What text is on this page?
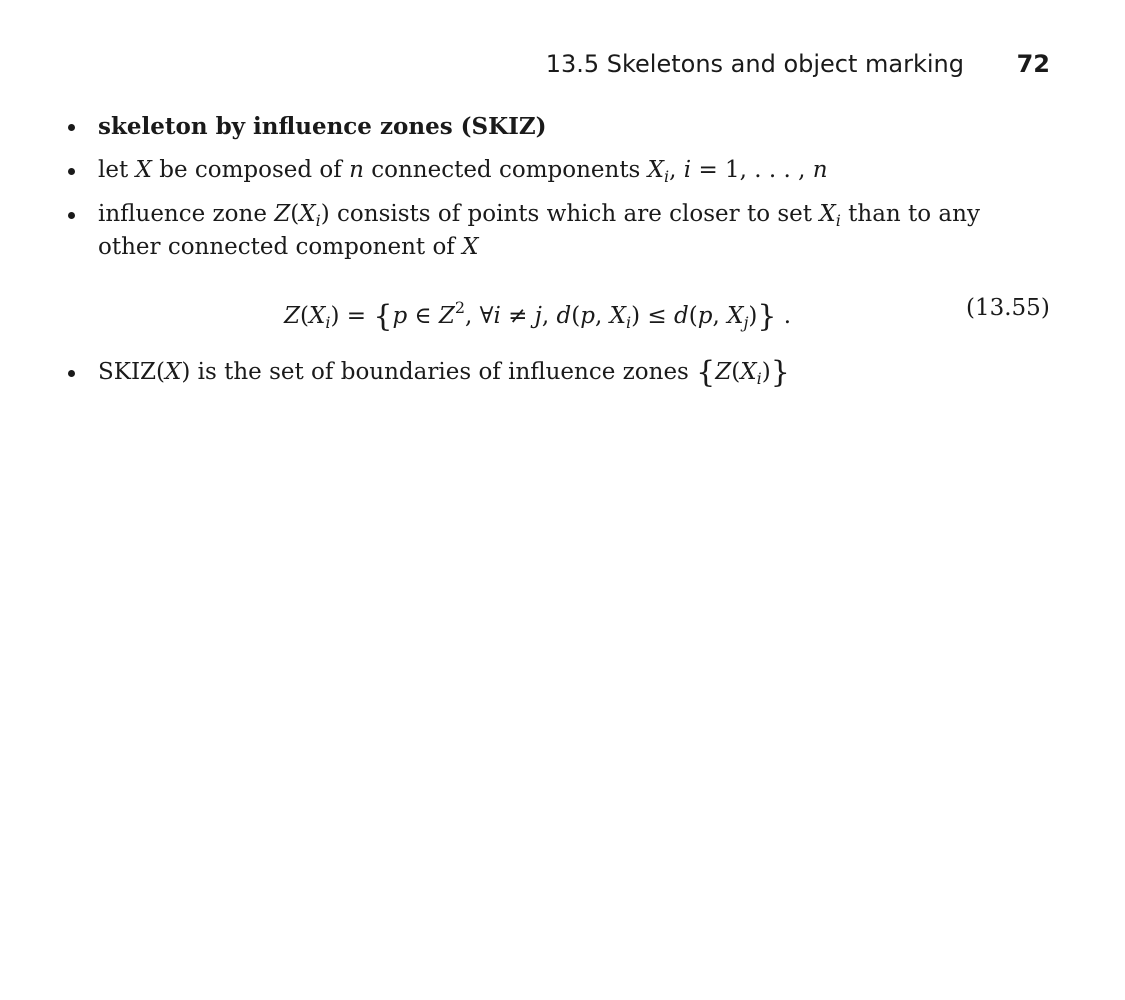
13.5 Skeletons and object marking 72
skeleton by influence zones (SKIZ)
let X be composed of n connected components $X_i$, i = 1, . . . , n
influence zone $Z(X_i)$ consists of points which are closer to set $X_i$ than to any
other connected component of X
$Z(X_i) = \{p$ ∈ $Z^2$, ∀i ≠ j, d(p, $X_i) \le d(p$, $X_j$)} .	(13.55)
SKIZ(X) is the set of boundaries of influence zones $\{Z(X_i)\}$
